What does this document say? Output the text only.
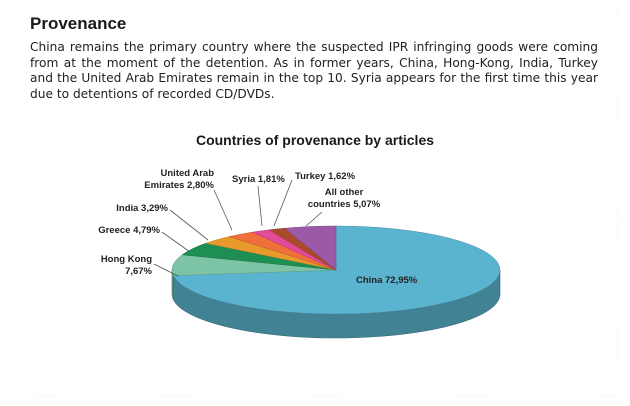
Provenance
China remains the primary country where the suspected IPR infringing goods were coming from at the moment of the detention. As in former years, China, Hong-Kong, India, Turkey and the United Arab Emirates remain in the top 10. Syria appears for the first time this year due to detentions of recorded CD/DVDs.
Countries of provenance by articles
China 72,95%
Hong Kong 7,67%
Greece 4,79%
India 3,29%
United Arab Emirates 2,80%
Syria 1,81% Turkey 1,62%
All other countries 5,07%
